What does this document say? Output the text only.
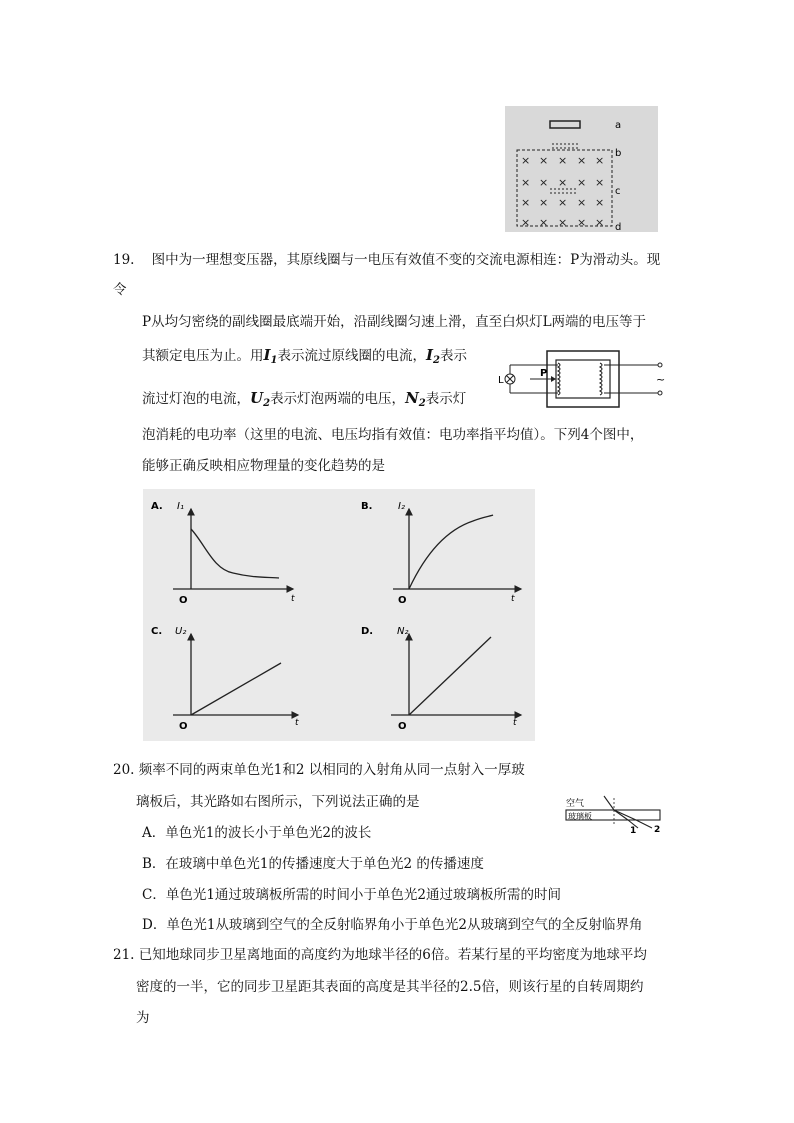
a
b
× × × × ×
× × × × ×
× × × × ×
× × × × ×
c
d
19. 图中为一理想变压器，其原线圈与一电压有效值不变的交流电源相连：P为滑动头。现
令
P从均匀密绕的副线圈最底端开始，沿副线圈匀速上滑，直至白炽灯L两端的电压等于
其额定电压为止。用$I_1$表示流过原线圈的电流，$I_2$表示
流过灯泡的电流，$U_2$表示灯泡两端的电压，$N_2$表示灯
泡消耗的电功率（这里的电流、电压均指有效值：电功率指平均值）。下列4个图中，
能够正确反映相应物理量的变化趋势的是
L
P	~
A. I₁
O	t
B.	I₂
O	t
C. U₂
O	t
D. N₂
O	t
20. 频率不同的两束单色光1和2 以相同的入射角从同一点射入一厚玻
璃板后，其光路如右图所示，下列说法正确的是	空气
玻璃板
1 2
A．单色光1的波长小于单色光2的波长
B．在玻璃中单色光1的传播速度大于单色光2 的传播速度
C．单色光1通过玻璃板所需的时间小于单色光2通过玻璃板所需的时间
D．单色光1从玻璃到空气的全反射临界角小于单色光2从玻璃到空气的全反射临界角
21. 已知地球同步卫星离地面的高度约为地球半径的6倍。若某行星的平均密度为地球平均
密度的一半，它的同步卫星距其表面的高度是其半径的2.5倍，则该行星的自转周期约
为
